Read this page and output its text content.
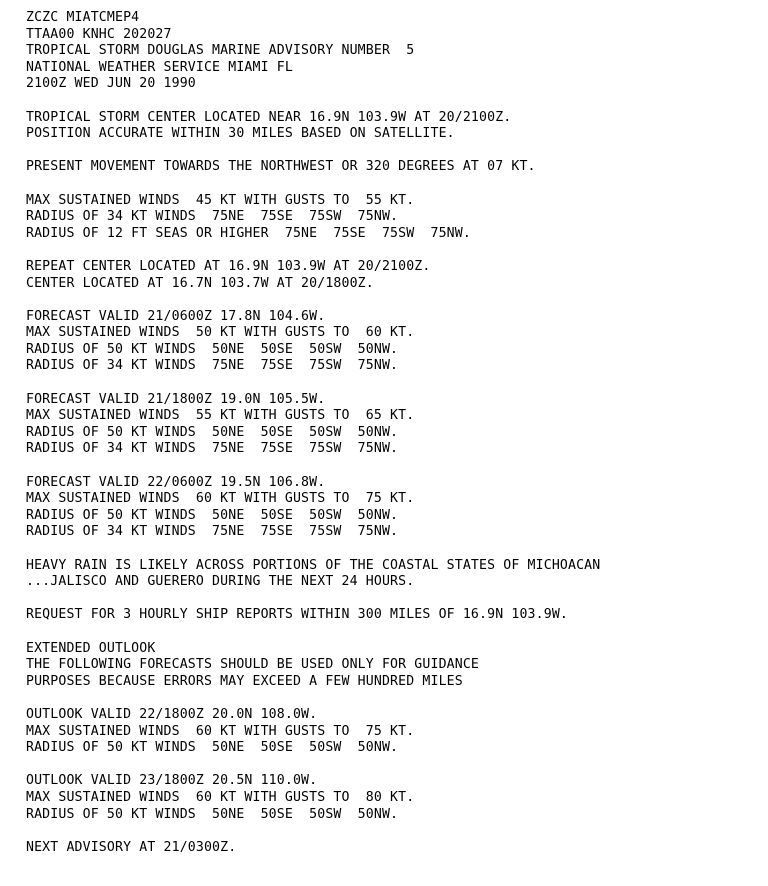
ZCZC MIATCMEP4
TTAA00 KNHC 202027
TROPICAL STORM DOUGLAS MARINE ADVISORY NUMBER  5
NATIONAL WEATHER SERVICE MIAMI FL
2100Z WED JUN 20 1990
TROPICAL STORM CENTER LOCATED NEAR 16.9N 103.9W AT 20/2100Z.
POSITION ACCURATE WITHIN 30 MILES BASED ON SATELLITE.
PRESENT MOVEMENT TOWARDS THE NORTHWEST OR 320 DEGREES AT 07 KT.
MAX SUSTAINED WINDS  45 KT WITH GUSTS TO  55 KT.
RADIUS OF 34 KT WINDS  75NE  75SE  75SW  75NW.
RADIUS OF 12 FT SEAS OR HIGHER  75NE  75SE  75SW  75NW.
REPEAT CENTER LOCATED AT 16.9N 103.9W AT 20/2100Z.
CENTER LOCATED AT 16.7N 103.7W AT 20/1800Z.
FORECAST VALID 21/0600Z 17.8N 104.6W.
MAX SUSTAINED WINDS  50 KT WITH GUSTS TO  60 KT.
RADIUS OF 50 KT WINDS  50NE  50SE  50SW  50NW.
RADIUS OF 34 KT WINDS  75NE  75SE  75SW  75NW.
FORECAST VALID 21/1800Z 19.0N 105.5W.
MAX SUSTAINED WINDS  55 KT WITH GUSTS TO  65 KT.
RADIUS OF 50 KT WINDS  50NE  50SE  50SW  50NW.
RADIUS OF 34 KT WINDS  75NE  75SE  75SW  75NW.
FORECAST VALID 22/0600Z 19.5N 106.8W.
MAX SUSTAINED WINDS  60 KT WITH GUSTS TO  75 KT.
RADIUS OF 50 KT WINDS  50NE  50SE  50SW  50NW.
RADIUS OF 34 KT WINDS  75NE  75SE  75SW  75NW.
HEAVY RAIN IS LIKELY ACROSS PORTIONS OF THE COASTAL STATES OF MICHOACAN
...JALISCO AND GUERERO DURING THE NEXT 24 HOURS.
REQUEST FOR 3 HOURLY SHIP REPORTS WITHIN 300 MILES OF 16.9N 103.9W.
EXTENDED OUTLOOK
THE FOLLOWING FORECASTS SHOULD BE USED ONLY FOR GUIDANCE
PURPOSES BECAUSE ERRORS MAY EXCEED A FEW HUNDRED MILES
OUTLOOK VALID 22/1800Z 20.0N 108.0W.
MAX SUSTAINED WINDS  60 KT WITH GUSTS TO  75 KT.
RADIUS OF 50 KT WINDS  50NE  50SE  50SW  50NW.
OUTLOOK VALID 23/1800Z 20.5N 110.0W.
MAX SUSTAINED WINDS  60 KT WITH GUSTS TO  80 KT.
RADIUS OF 50 KT WINDS  50NE  50SE  50SW  50NW.
NEXT ADVISORY AT 21/0300Z.
